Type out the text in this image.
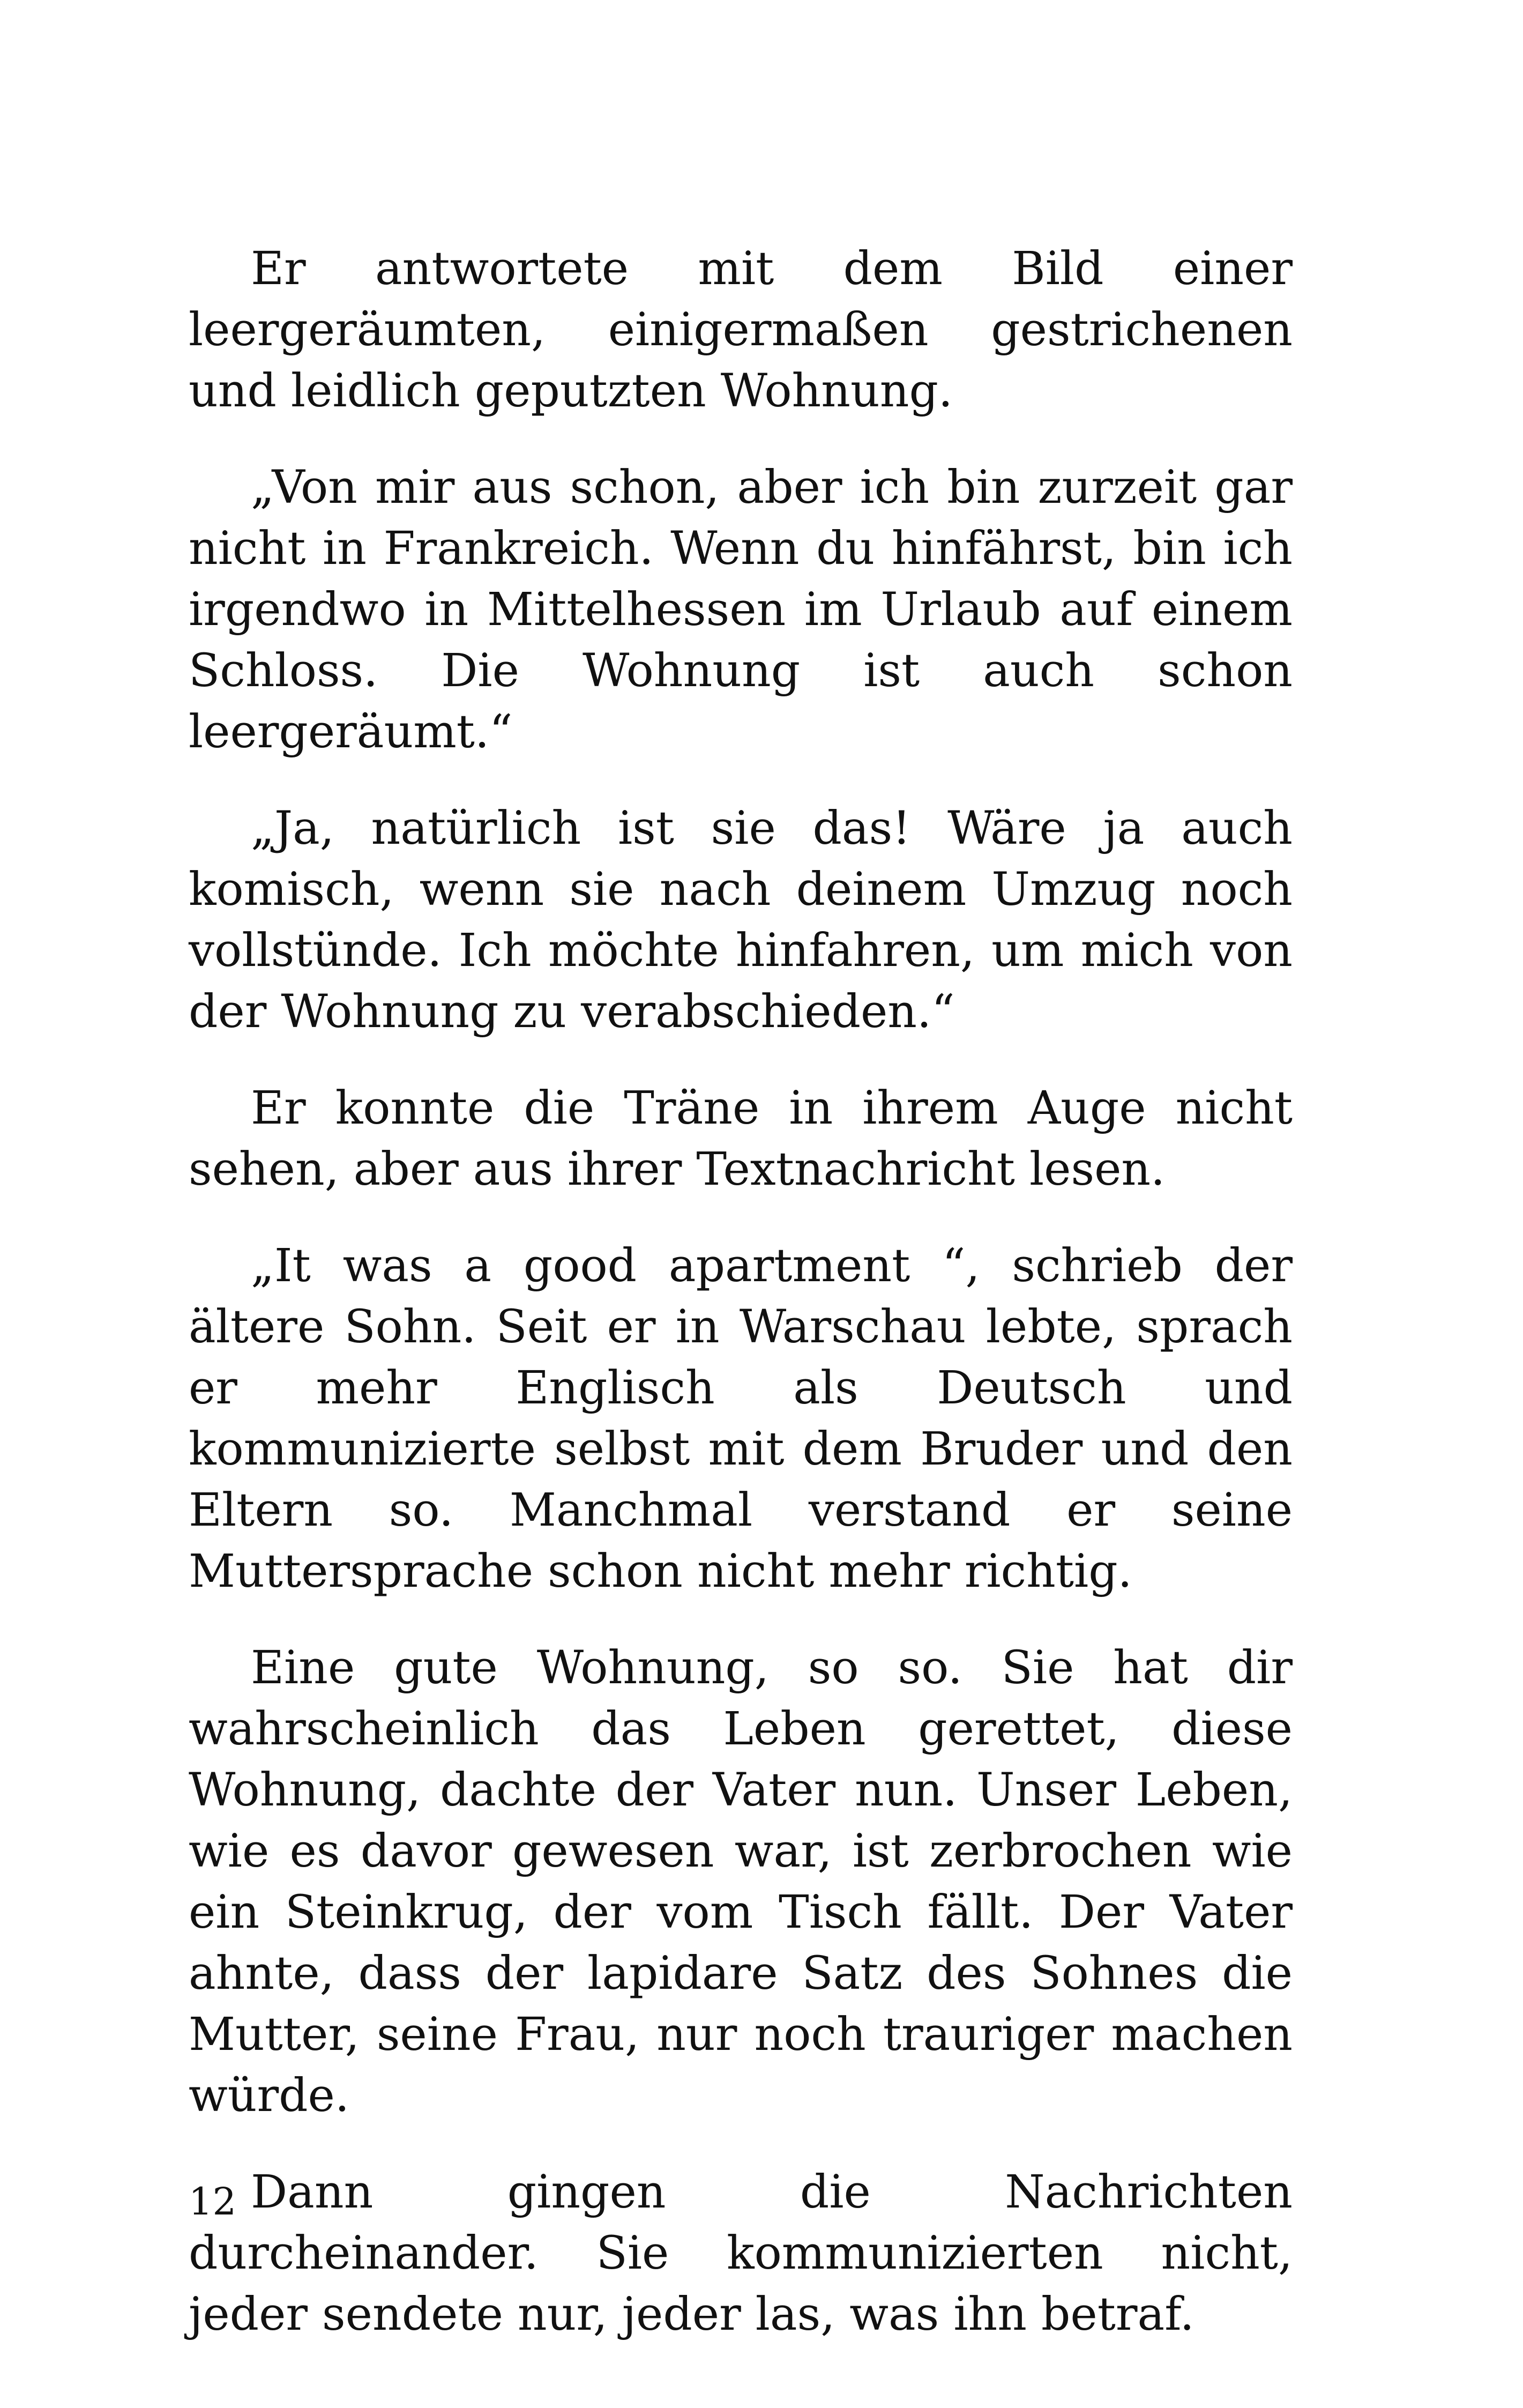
Er antwortete mit dem Bild einer leergeräumten, einigermaßen gestrichenen und leidlich geputzten Wohnung.

„Von mir aus schon, aber ich bin zurzeit gar nicht in Frankreich. Wenn du hinfährst, bin ich irgendwo in Mittelhessen im Urlaub auf einem Schloss. Die Wohnung ist auch schon leergeräumt.“

„Ja, natürlich ist sie das! Wäre ja auch komisch, wenn sie nach deinem Umzug noch vollstünde. Ich möchte hinfahren, um mich von der Wohnung zu verabschieden.“

Er konnte die Träne in ihrem Auge nicht sehen, aber aus ihrer Textnachricht lesen.

„It was a good apartment “, schrieb der ältere Sohn. Seit er in Warschau lebte, sprach er mehr Englisch als Deutsch und kommunizierte selbst mit dem Bruder und den Eltern so. Manchmal verstand er seine Muttersprache schon nicht mehr richtig.

Eine gute Wohnung, so so. Sie hat dir wahrscheinlich das Leben gerettet, diese Wohnung, dachte der Vater nun. Unser Leben, wie es davor gewesen war, ist zerbrochen wie ein Steinkrug, der vom Tisch fällt. Der Vater ahnte, dass der lapidare Satz des Sohnes die Mutter, seine Frau, nur noch trauriger machen würde.

Dann gingen die Nachrichten durcheinander. Sie kommunizierten nicht, jeder sendete nur, jeder las, was ihn betraf.

12
